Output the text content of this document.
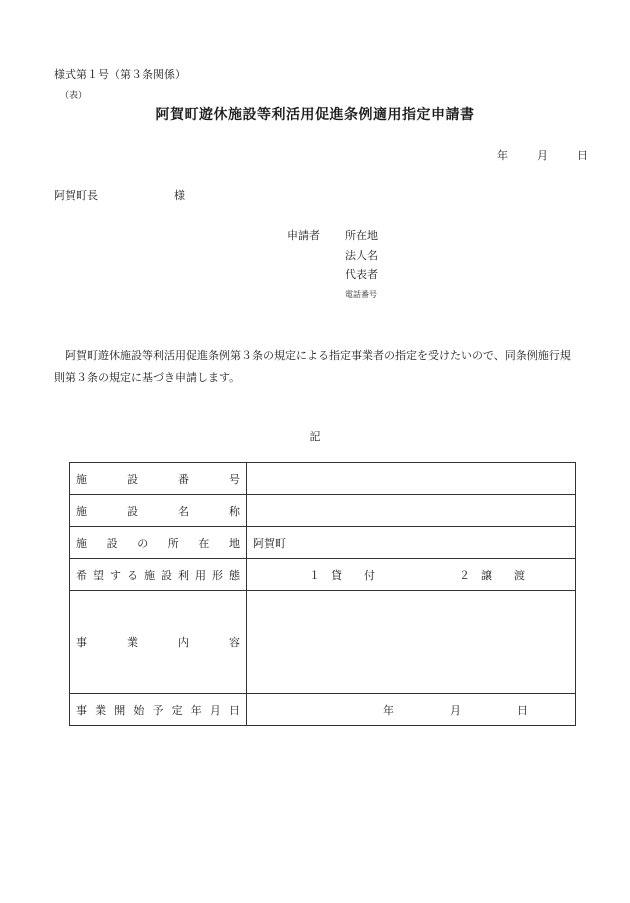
様式第１号（第３条関係）
（表）
阿賀町遊休施設等利活用促進条例適用指定申請書
年	月	日
阿賀町長	様
申請者 所在地
法人名
代表者
電話番号
阿賀町遊休施設等利活用促進条例第３条の規定による指定事業者の指定を受けたいので、同条例施行規則第３条の規定に基づき申請します。
記
施設番号	
施設名称	
施設の所在地	阿賀町
希望する施設利用形態	１　貸　　付 ２　譲　　渡

事業内容	
事業開始予定年月日	年 月 日
